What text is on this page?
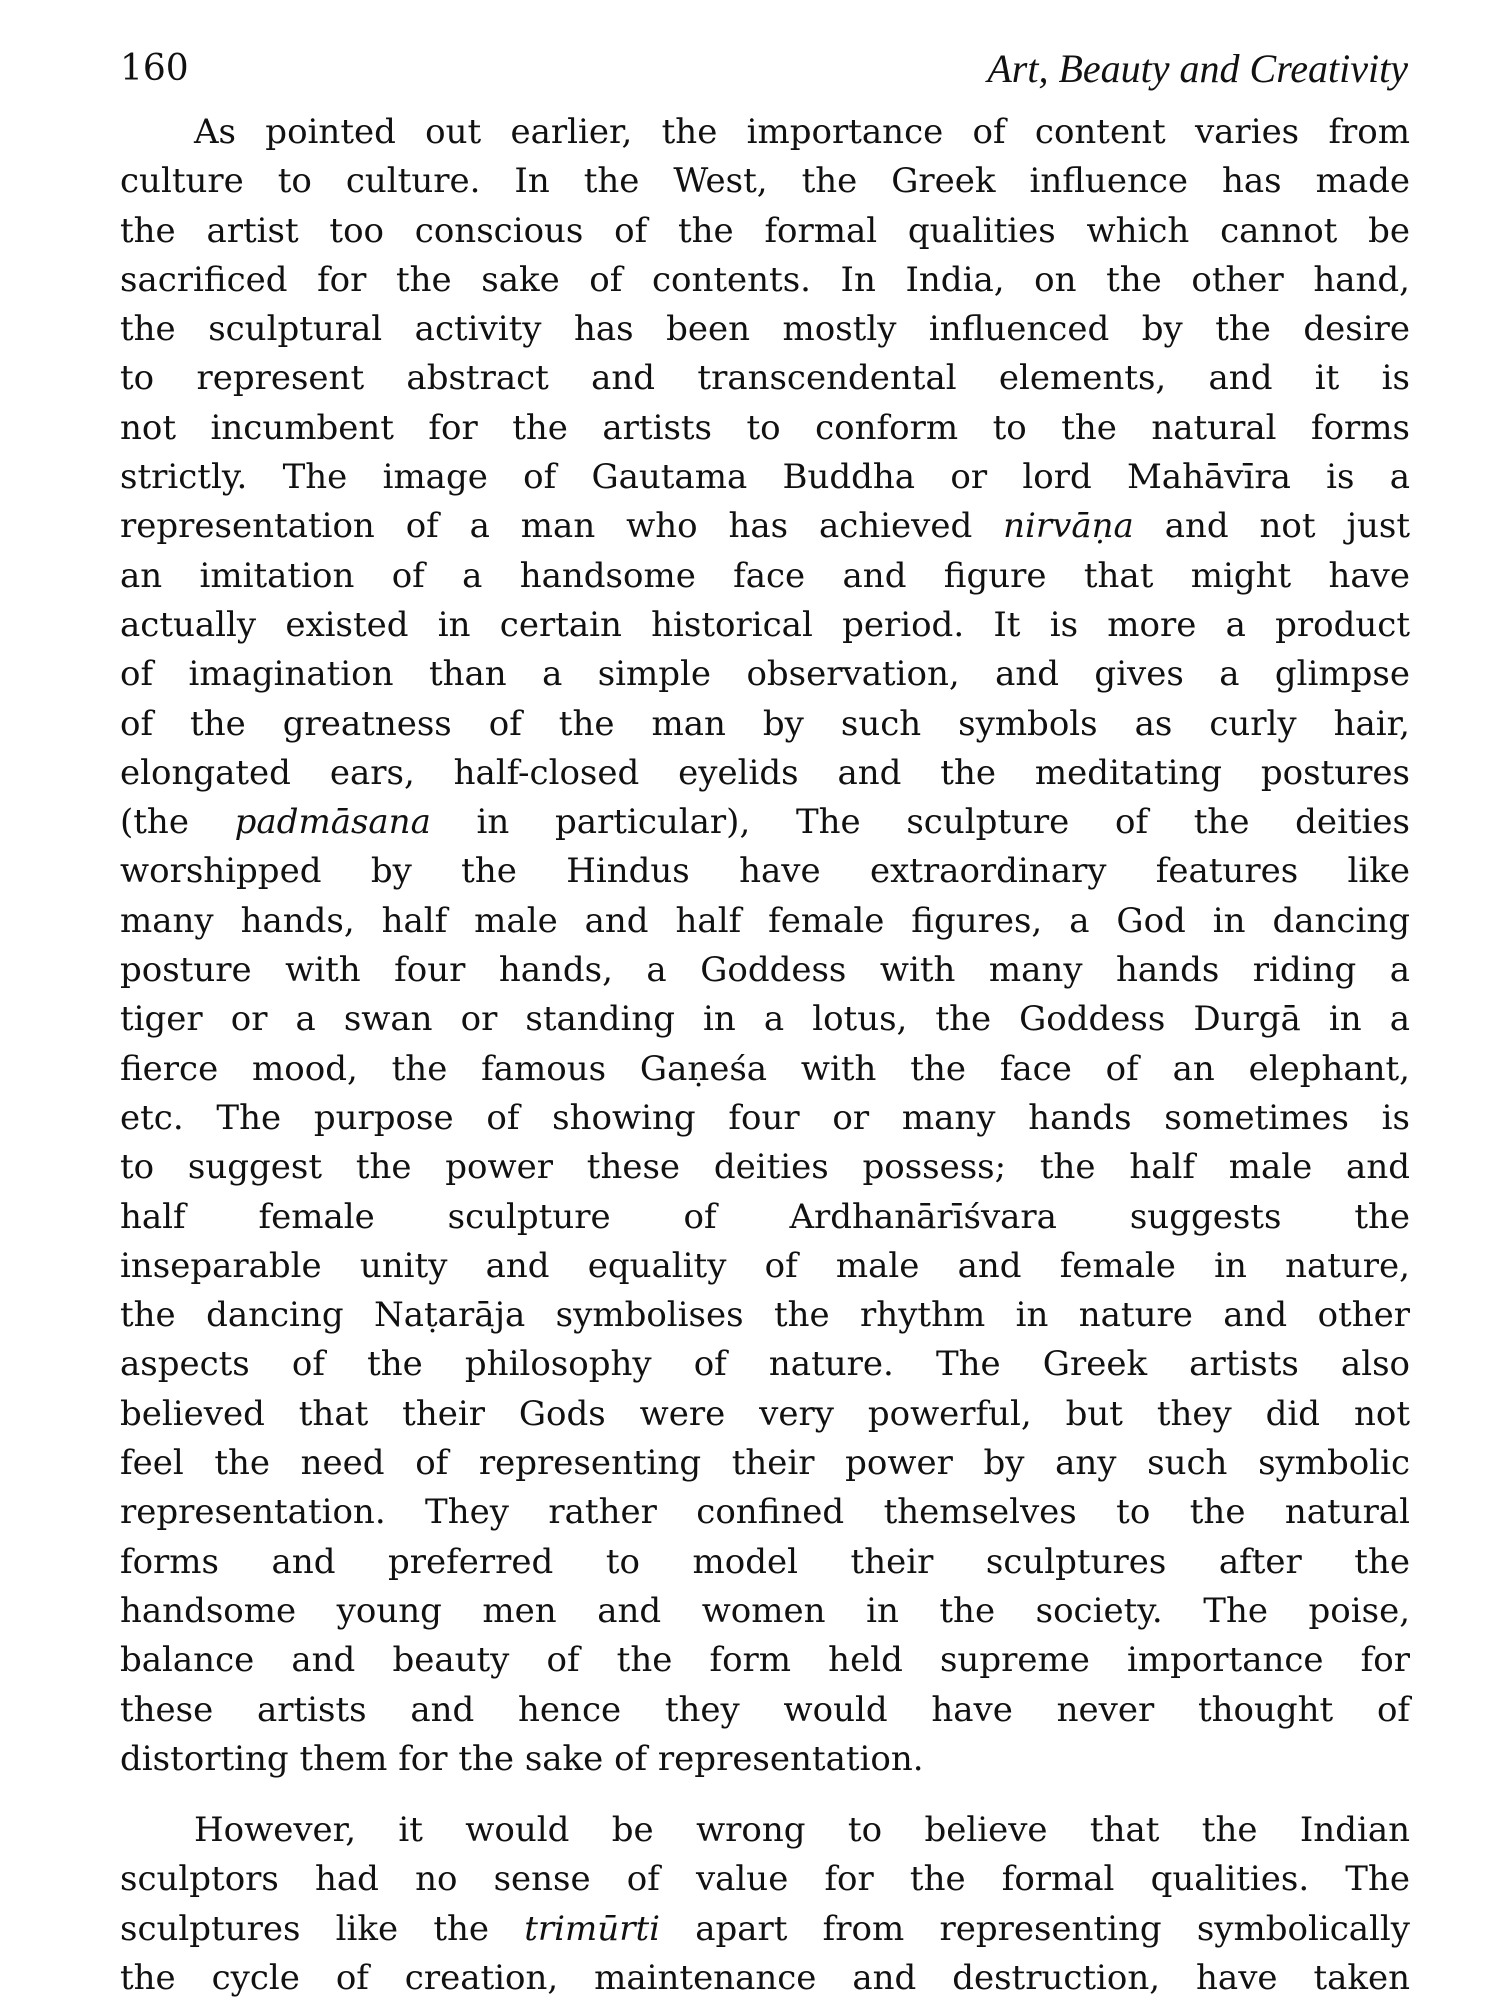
160	Art, Beauty and Creativity
As pointed out earlier, the importance of content varies from
culture to culture. In the West, the Greek influence has made
the artist too conscious of the formal qualities which cannot be
sacrificed for the sake of contents. In India, on the other hand,
the sculptural activity has been mostly influenced by the desire
to represent abstract and transcendental elements, and it is
not incumbent for the artists to conform to the natural forms
strictly. The image of Gautama Buddha or lord Mahāvīra is a
representation of a man who has achieved nirvāṇa and not just
an imitation of a handsome face and figure that might have
actually existed in certain historical period. It is more a product
of imagination than a simple observation, and gives a glimpse
of the greatness of the man by such symbols as curly hair,
elongated ears, half-closed eyelids and the meditating postures
(the padmāsana in particular), The sculpture of the deities
worshipped by the Hindus have extraordinary features like
many hands, half male and half female figures, a God in dancing
posture with four hands, a Goddess with many hands riding a
tiger or a swan or standing in a lotus, the Goddess Durgā in a
fierce mood, the famous Gaṇeśa with the face of an elephant,
etc. The purpose of showing four or many hands sometimes is
to suggest the power these deities possess; the half male and
half female sculpture of Ardhanārīśvara suggests the
inseparable unity and equality of male and female in nature,
the dancing Naṭarāja symbolises the rhythm in nature and other
aspects of the philosophy of nature. The Greek artists also
believed that their Gods were very powerful, but they did not
feel the need of representing their power by any such symbolic
representation. They rather confined themselves to the natural
forms and preferred to model their sculptures after the
handsome young men and women in the society. The poise,
balance and beauty of the form held supreme importance for
these artists and hence they would have never thought of
distorting them for the sake of representation.
However, it would be wrong to believe that the Indian
sculptors had no sense of value for the formal qualities. The
sculptures like the trimūrti apart from representing symbolically
the cycle of creation, maintenance and destruction, have taken
